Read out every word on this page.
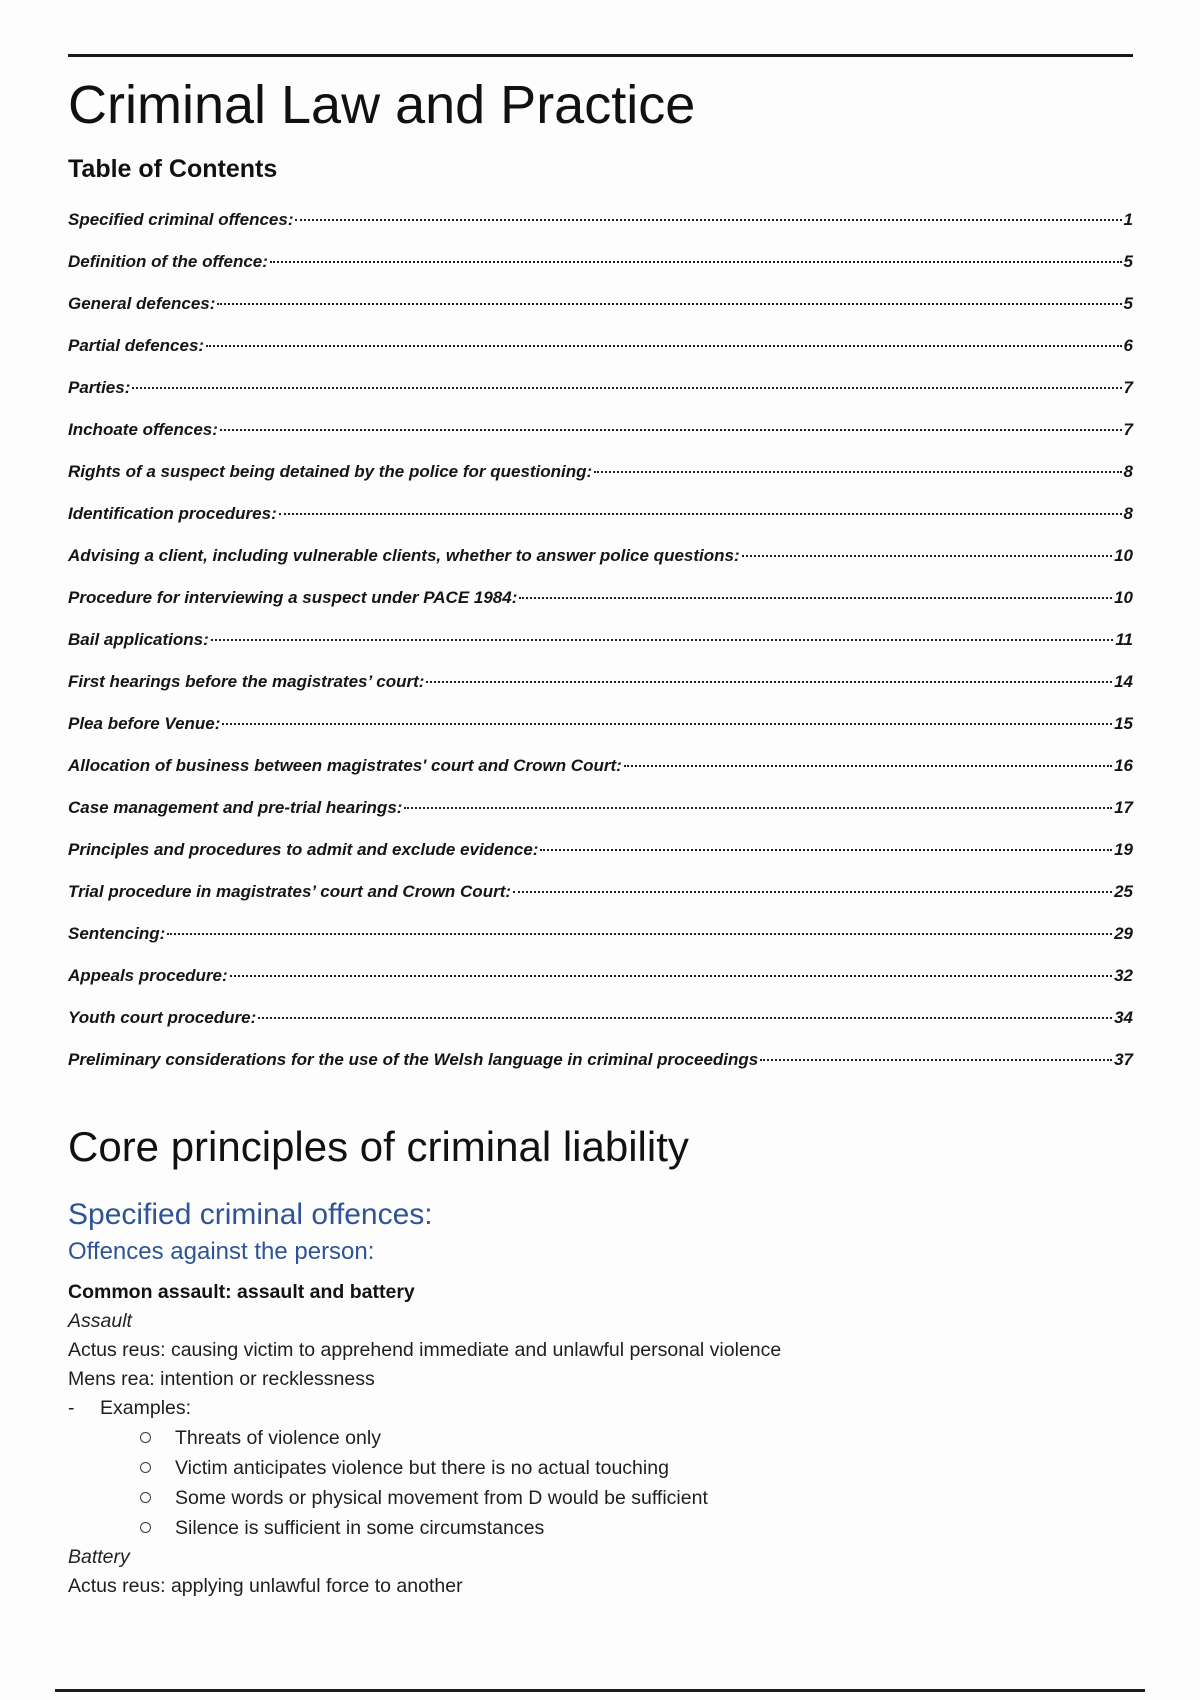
Criminal Law and Practice
Table of Contents
Specified criminal offences:	1
Definition of the offence:	5
General defences:	5
Partial defences:	6
Parties:	7
Inchoate offences:	7
Rights of a suspect being detained by the police for questioning:	8
Identification procedures:	8
Advising a client, including vulnerable clients, whether to answer police questions:	10
Procedure for interviewing a suspect under PACE 1984:	10
Bail applications:	11
First hearings before the magistrates’ court:	14
Plea before Venue:	15
Allocation of business between magistrates' court and Crown Court:	16
Case management and pre-trial hearings:	17
Principles and procedures to admit and exclude evidence:	19
Trial procedure in magistrates’ court and Crown Court:	25
Sentencing:	29
Appeals procedure:	32
Youth court procedure:	34
Preliminary considerations for the use of the Welsh language in criminal proceedings	37
Core principles of criminal liability
Specified criminal offences:
Offences against the person:
Common assault: assault and battery
Assault
Actus reus: causing victim to apprehend immediate and unlawful personal violence
Mens rea: intention or recklessness
-	Examples:
Threats of violence only
Victim anticipates violence but there is no actual touching
Some words or physical movement from D would be sufficient
Silence is sufficient in some circumstances
Battery
Actus reus: applying unlawful force to another
